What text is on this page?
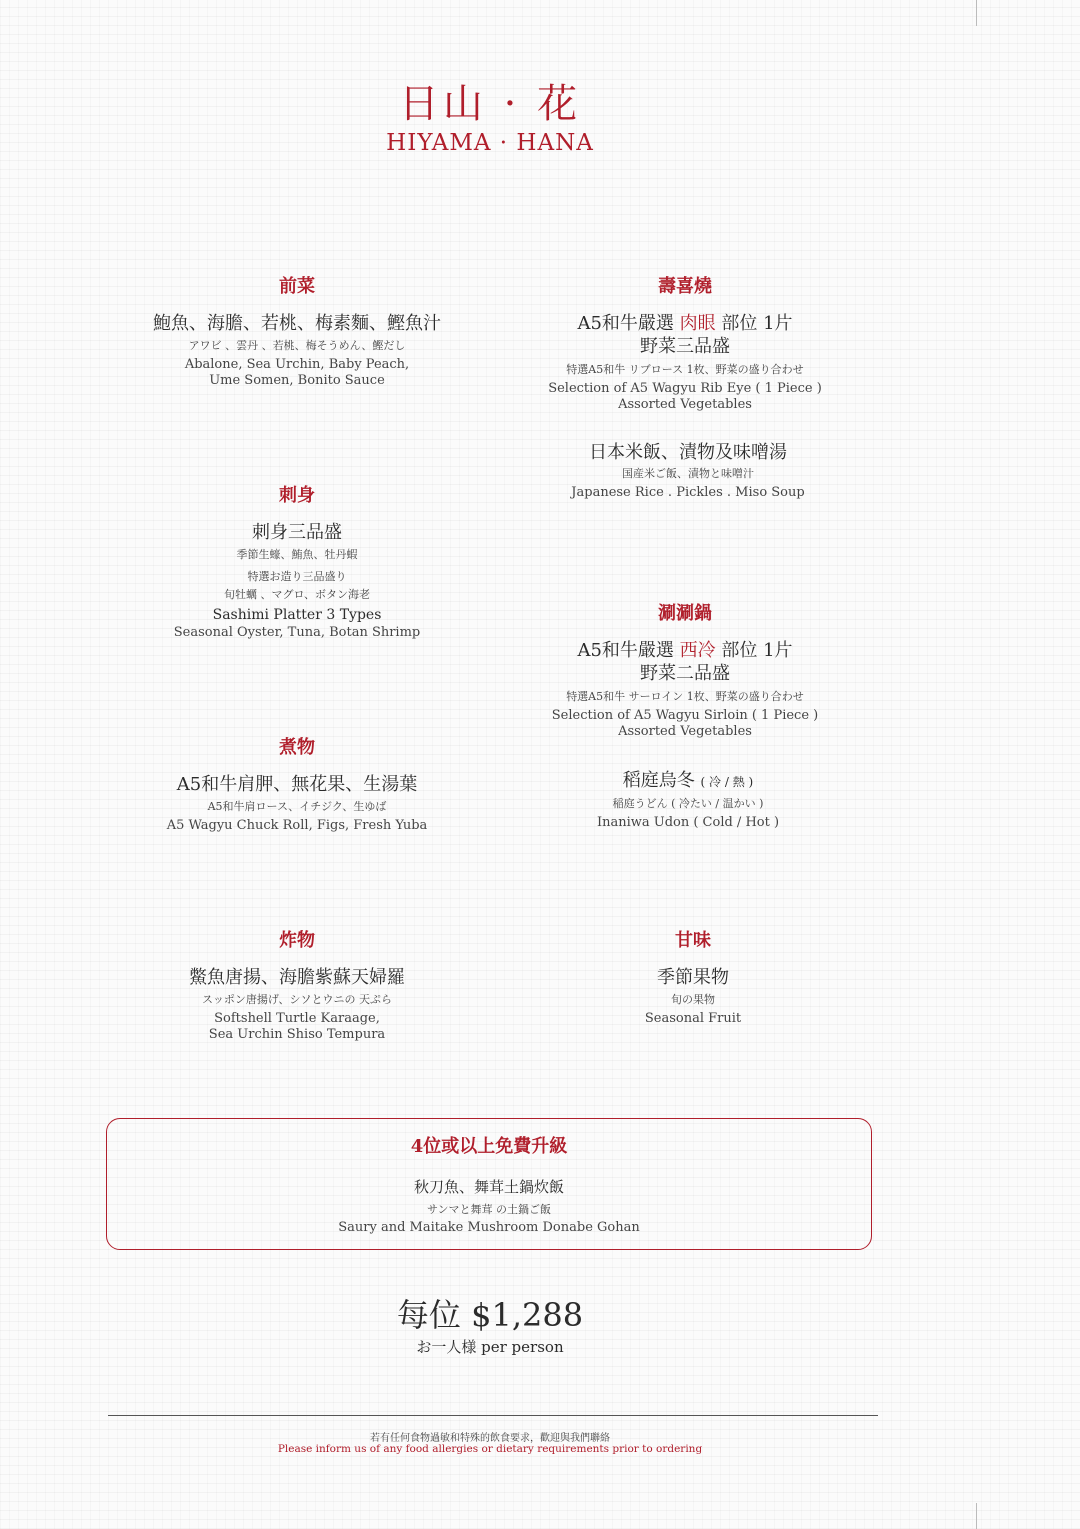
日山 · 花
HIYAMA · HANA

前菜

鮑魚、海膽、若桃、梅素麵、鰹魚汁

アワビ 、雲丹 、若桃、梅そうめん、鰹だし

Abalone, Sea Urchin, Baby Peach,

Ume Somen, Bonito Sauce

刺身

刺身三品盛

季節生蠔、鮪魚、牡丹蝦

特選お造り三品盛り

旬牡蠣 、マグロ、ボタン海老

Sashimi Platter 3 Types

Seasonal Oyster, Tuna, Botan Shrimp

煮物

A5和牛肩胛、無花果、生湯葉

A5和牛肩ロース、イチジク、生ゆば

A5 Wagyu Chuck Roll, Figs, Fresh Yuba

炸物

鱉魚唐揚、海膽紫蘇天婦羅

スッポン唐揚げ、シソとウニの 天ぷら

Softshell Turtle Karaage,

Sea Urchin Shiso Tempura

壽喜燒

A5和牛嚴選 肉眼 部位 1片

野菜三品盛

特選A5和牛 リブロース 1枚、野菜の盛り合わせ

Selection of A5 Wagyu Rib Eye ( 1 Piece )

Assorted Vegetables

日本米飯、漬物及味噌湯

国産米ご飯、漬物と味噌汁

Japanese Rice . Pickles . Miso Soup

涮涮鍋

A5和牛嚴選 西冷 部位 1片

野菜二品盛

特選A5和牛 サーロイン 1枚、野菜の盛り合わせ

Selection of A5 Wagyu Sirloin ( 1 Piece )

Assorted Vegetables

稻庭烏冬 ( 冷 / 熱 )

稲庭うどん ( 冷たい / 温かい )

Inaniwa Udon ( Cold / Hot )

甘味

季節果物

旬の果物

Seasonal Fruit

4位或以上免費升級

秋刀魚、舞茸土鍋炊飯

サンマと舞茸 の土鍋ご飯

Saury and Maitake Mushroom Donabe Gohan

每位 $1,288
お一人様 per person
若有任何食物過敏和特殊的飲食要求，歡迎與我們聯絡
Please inform us of any food allergies or dietary requirements prior to ordering
